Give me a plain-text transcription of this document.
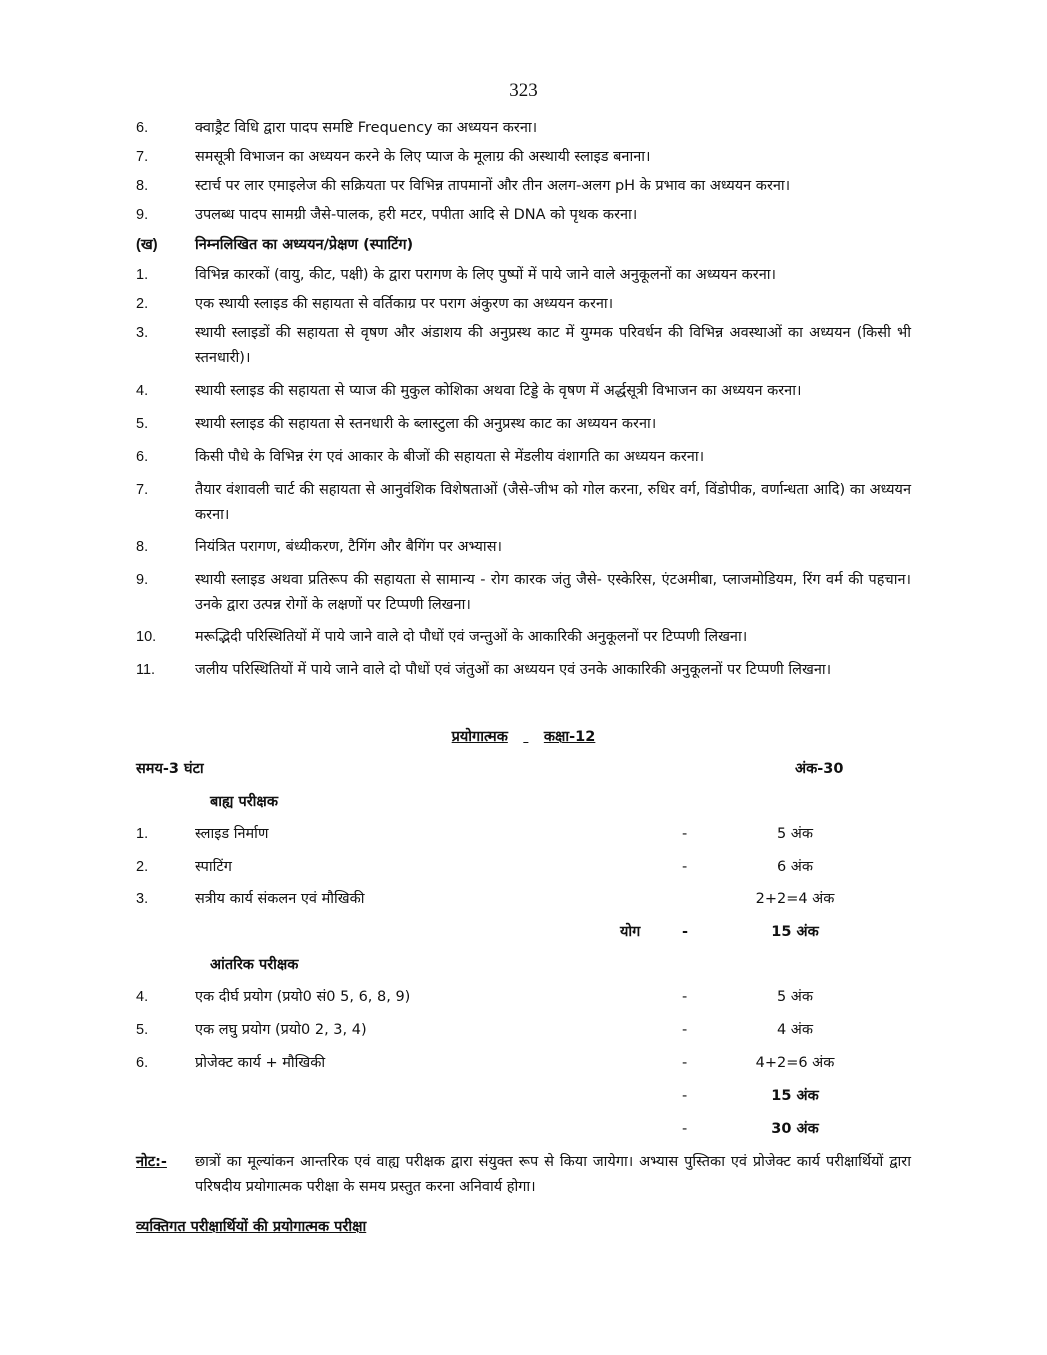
323
6.	क्वाड्रैट विधि द्वारा पादप समष्टि Frequency का अध्ययन करना।
7.	समसूत्री विभाजन का अध्ययन करने के लिए प्याज के मूलाग्र की अस्थायी स्लाइड बनाना।
8.	स्टार्च पर लार एमाइलेज की सक्रियता पर विभिन्न तापमानों और तीन अलग-अलग pH के प्रभाव का अध्ययन करना।
9.	उपलब्ध पादप सामग्री जैसे-पालक, हरी मटर, पपीता आदि से DNA को पृथक करना।
(ख)	निम्नलिखित का अध्ययन/प्रेक्षण (स्पाटिंग)
1.	विभिन्न कारकों (वायु, कीट, पक्षी) के द्वारा परागण के लिए पुष्पों में पाये जाने वाले अनुकूलनों का अध्ययन करना।
2.	एक स्थायी स्लाइड की सहायता से वर्तिकाग्र पर पराग अंकुरण का अध्ययन करना।
3.	स्थायी स्लाइडों की सहायता से वृषण और अंडाशय की अनुप्रस्थ काट में युग्मक परिवर्धन की विभिन्न अवस्थाओं का अध्ययन (किसी भी स्तनधारी)।
4.	स्थायी स्लाइड की सहायता से प्याज की मुकुल कोशिका अथवा टिड्डे के वृषण में अर्द्धसूत्री विभाजन का अध्ययन करना।
5.	स्थायी स्लाइड की सहायता से स्तनधारी के ब्लास्टुला की अनुप्रस्थ काट का अध्ययन करना।
6.	किसी पौधे के विभिन्न रंग एवं आकार के बीजों की सहायता से मेंडलीय वंशागति का अध्ययन करना।
7.	तैयार वंशावली चार्ट की सहायता से आनुवंशिक विशेषताओं (जैसे-जीभ को गोल करना, रुधिर वर्ग, विंडोपीक, वर्णान्धता आदि) का अध्ययन करना।
8.	नियंत्रित परागण, बंध्यीकरण, टैगिंग और बैगिंग पर अभ्यास।
9.	स्थायी स्लाइड अथवा प्रतिरूप की सहायता से सामान्य - रोग कारक जंतु जैसे- एस्केरिस, एंटअमीबा, प्लाजमोडियम, रिंग वर्म की पहचान। उनके द्वारा उत्पन्न रोगों के लक्षणों पर टिप्पणी लिखना।
10.	मरूद्भिदी परिस्थितियों में पाये जाने वाले दो पौधों एवं जन्तुओं के आकारिकी अनुकूलनों पर टिप्पणी लिखना।
11.	जलीय परिस्थितियों में पाये जाने वाले दो पौधों एवं जंतुओं का अध्ययन एवं उनके आकारिकी अनुकूलनों पर टिप्पणी लिखना।
प्रयोगात्मक कक्षा-12
समय-3 घंटा	अंक-30
बाह्य परीक्षक
1.	स्लाइड निर्माण	-	5 अंक
2.	स्पाटिंग	-	6 अंक
3.	सत्रीय कार्य संकलन एवं मौखिकी	2+2=4 अंक
योग	-	15 अंक
आंतरिक परीक्षक
4.	एक दीर्घ प्रयोग (प्रयो0 सं0 5, 6, 8, 9)	-	5 अंक
5.	एक लघु प्रयोग (प्रयो0 2, 3, 4)	-	4 अंक
6.	प्रोजेक्ट कार्य + मौखिकी	-	4+2=6 अंक
-	15 अंक
-	30 अंक
नोट:- छात्रों का मूल्यांकन आन्तरिक एवं वाह्य परीक्षक द्वारा संयुक्त रूप से किया जायेगा। अभ्यास पुस्तिका एवं प्रोजेक्ट कार्य परीक्षार्थियों द्वारा परिषदीय प्रयोगात्मक परीक्षा के समय प्रस्तुत करना अनिवार्य होगा।
व्यक्तिगत परीक्षार्थियों की प्रयोगात्मक परीक्षा
